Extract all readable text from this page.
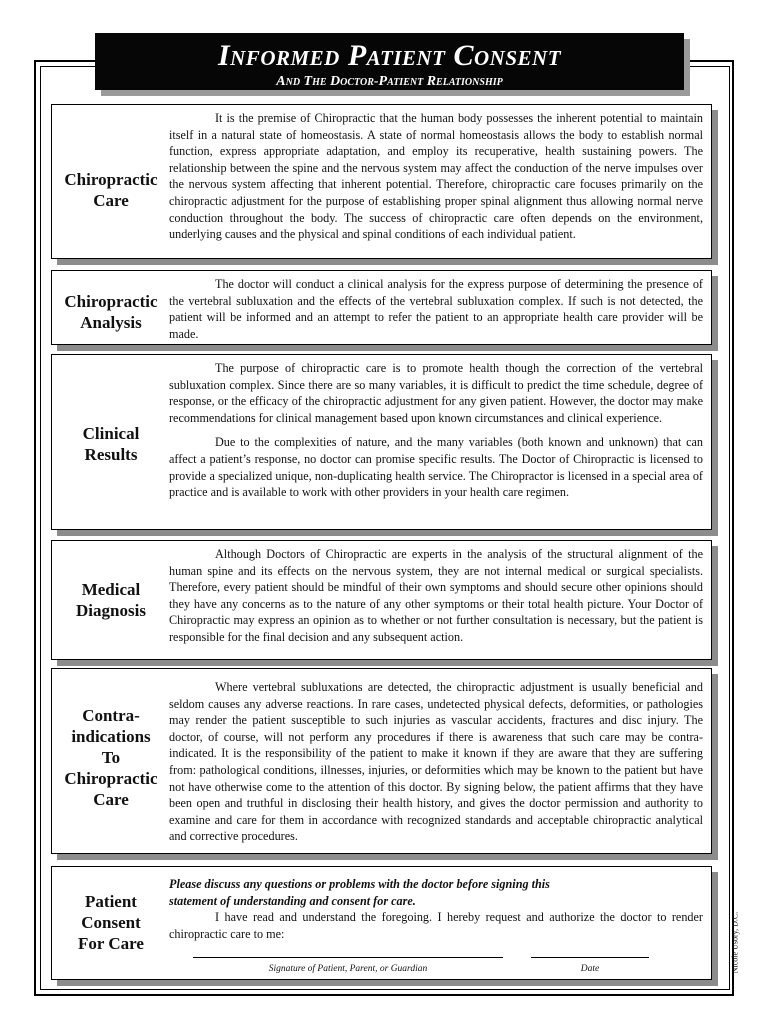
Informed Patient Consent
And The Doctor-Patient Relationship
Chiropractic
Care

It is the premise of Chiropractic that the human body possesses the inherent potential to maintain itself in a natural state of homeostasis. A state of normal homeostasis allows the body to establish normal function, express appropriate adaptation, and employ its recuperative, health sustaining powers. The relationship between the spine and the nervous system may affect the conduction of the nerve impulses over the nervous system affecting that inherent potential. Therefore, chiropractic care focuses primarily on the chiropractic adjustment for the purpose of establishing proper spinal alignment thus allowing normal nerve conduction throughout the body. The success of chiropractic care often depends on the environment, underlying causes and the physical and spinal conditions of each individual patient.

Chiropractic
Analysis

The doctor will conduct a clinical analysis for the express purpose of determining the presence of the vertebral subluxation and the effects of the vertebral subluxation complex. If such is not detected, the patient will be informed and an attempt to refer the patient to an appropriate health care provider will be made.

Clinical
Results

The purpose of chiropractic care is to promote health though the correction of the vertebral subluxation complex. Since there are so many variables, it is difficult to predict the time schedule, degree of response, or the efficacy of the chiropractic adjustment for any given patient. However, the doctor may make recommendations for clinical management based upon known circumstances and clinical experience.

Due to the complexities of nature, and the many variables (both known and unknown) that can affect a patient’s response, no doctor can promise specific results. The Doctor of Chiropractic is licensed to provide a specialized unique, non-duplicating health service. The Chiropractor is licensed in a special area of practice and is available to work with other providers in your health care regimen.

Medical
Diagnosis

Although Doctors of Chiropractic are experts in the analysis of the structural alignment of the human spine and its effects on the nervous system, they are not internal medical or surgical specialists. Therefore, every patient should be mindful of their own symptoms and should secure other opinions should they have any concerns as to the nature of any other symptoms or their total health picture. Your Doctor of Chiropractic may express an opinion as to whether or not further consultation is necessary, but the patient is responsible for the final decision and any subsequent action.

Contra-
indications
To
Chiropractic
Care

Where vertebral subluxations are detected, the chiropractic adjustment is usually beneficial and seldom causes any adverse reactions. In rare cases, undetected physical defects, deformities, or pathologies may render the patient susceptible to such injuries as vascular accidents, fractures and disc injury. The doctor, of course, will not perform any procedures if there is awareness that such care may be contra-indicated. It is the responsibility of the patient to make it known if they are aware that they are suffering from: pathological conditions, illnesses, injuries, or deformities which may be known to the patient but have not have otherwise come to the attention of this doctor. By signing below, the patient affirms that they have been open and truthful in disclosing their health history, and gives the doctor permission and authority to examine and care for them in accordance with recognized standards and acceptable chiropractic analytical and corrective procedures.

Patient
Consent
For Care
Please discuss any questions or problems with the doctor before signing this
statement of understanding and consent for care.

I have read and understand the foregoing. I hereby request and authorize the doctor to render chiropractic care to me:

Signature of Patient, Parent, or Guardian	Date	Nicole Usory, D.C.
